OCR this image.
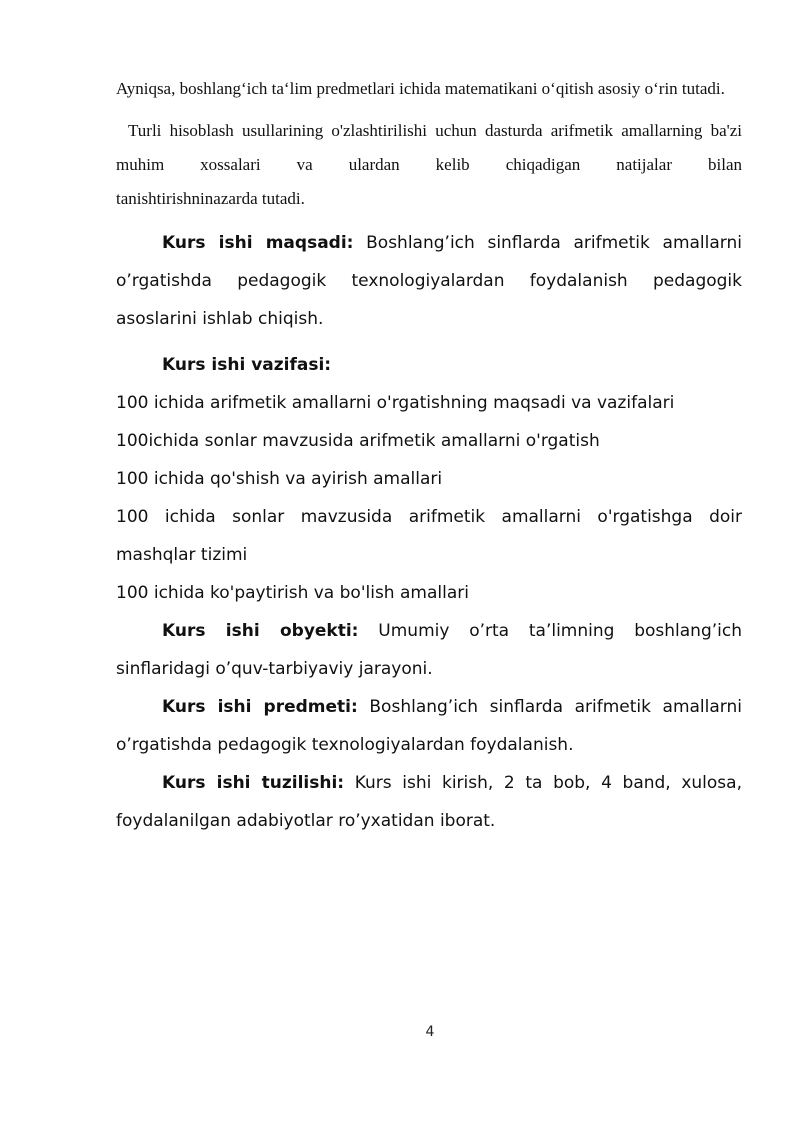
Ayniqsa, boshlang‘ich ta‘lim predmetlari ichida matematikani o‘qitish asosiy o‘rin tutadi.

Turli hisoblash usullarining o'zlashtirilishi uchun dasturda arifmetik amallarning ba'zi muhim xossalari va ulardan kelib chiqadigan natijalar bilan

tanishtirishninazarda tutadi.

Kurs ishi maqsadi: Boshlang’ich sinflarda arifmetik amallarni o’rgatishda pedagogik texnologiyalardan foydalanish pedagogik asoslarini ishlab chiqish.

Kurs ishi vazifasi:

100 ichida arifmetik amallarni o'rgatishning maqsadi va vazifalari

100ichida sonlar mavzusida arifmetik amallarni o'rgatish

100 ichida qo'shish va ayirish amallari

100 ichida sonlar mavzusida arifmetik amallarni o'rgatishga doir mashqlar tizimi

100 ichida ko'paytirish va bo'lish amallari

Kurs ishi obyekti: Umumiy o’rta ta’limning boshlang’ich sinflaridagi o’quv-tarbiyaviy jarayoni.

Kurs ishi predmeti: Boshlang’ich sinflarda arifmetik amallarni o’rgatishda pedagogik texnologiyalardan foydalanish.

Kurs ishi tuzilishi: Kurs ishi kirish, 2 ta bob, 4 band, xulosa, foydalanilgan adabiyotlar ro’yxatidan iborat.

4
